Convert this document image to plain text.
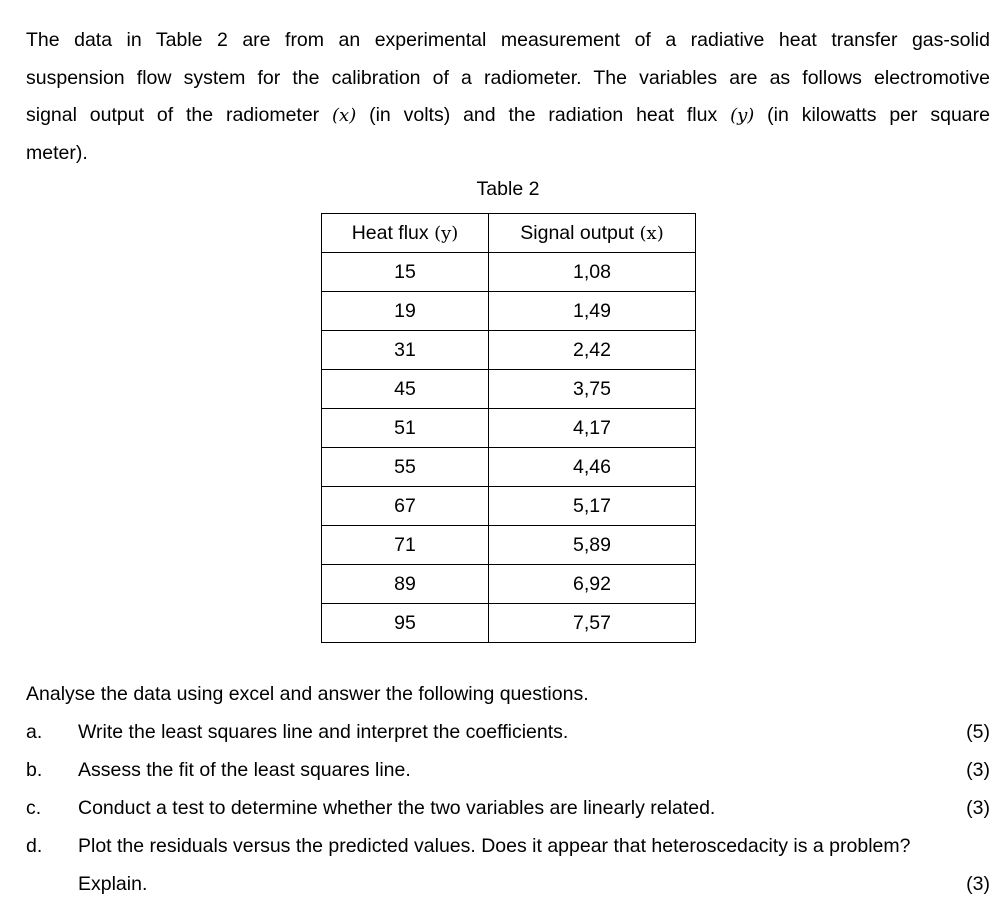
The data in Table 2 are from an experimental measurement of a radiative heat transfer gas-solid
suspension flow system for the calibration of a radiometer. The variables are as follows electromotive
signal output of the radiometer (x) (in volts) and the radiation heat flux (y) (in kilowatts per square
meter).
Table 2
Heat flux (y)	Signal output (x)
15	1,08
19	1,49
31	2,42
45	3,75
51	4,17
55	4,46
67	5,17
71	5,89
89	6,92
95	7,57
Analyse the data using excel and answer the following questions.
a. Write the least squares line and interpret the coefficients.	(5)
b. Assess the fit of the least squares line.	(3)
c. Conduct a test to determine whether the two variables are linearly related.	(3)
d. Plot the residuals versus the predicted values. Does it appear that heteroscedacity is a problem?
Explain.	(3)
